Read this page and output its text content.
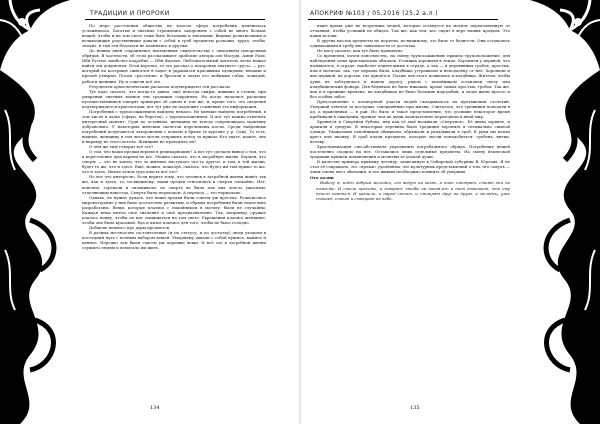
ТРАДИЦИИ И ПРОРОКИ

По мере расселения общества на классы сфера погребения изменилась усложнилась. Богатые и знатные стремились захоронить с собой не много больше вещей, чтобы и на том свете тоже быть богатыми и знатными. Видные религиозники и великопищие родственники давали с собой в гроб предметы роскоши, труда, чтобы, значит, и там эти бедолаги не кланялись к другим.

До наших дней сохранились письменные свидетельства с описанием похоронных обрядов. В частности, об этом рассказывают арабские авторы аль-Масуди, Амин Рази, Ибн Рустен, наиболее подробно — Ибн Фадлан. Любознательный читатель легко может найти эти документы. Если коротко, то это рассказ о похоронах знатного «руса» — рус, который на кострище сжигался в ладье и украшался красивыми одеждами, вещами и прочей утварью. Потом «рассеяли» и бросали в ладью его любимых собак, лошадей, рабов и женщин. Ну и сожгли всё это.

Результаты археологических раскопок подтверждают эти рассказы.

Тут надо сказать, что когда-то давно, ещё некогда скифы, жившие в степях, при умирании знатных воинов эти традиции сохраняли. Но когда начались раскопки путешественников говорят примерно об одном и том же, и, кроме того, это сведения подтверждаются археологами, вот тут уже не подлежит сомнению эта информация.

Погребений с трупосожжением найдено немало. Не меньше найдено погребений, в том числе в ладье (сфера, на берегах), с трупоположением. И вот тут можно отметить интересный момент. Судя по останкам, женщина не всегда сопровождала мужчину добровольно. У некоторых женских скелетов переломаны кости. Среди найденных погребений встречаются захоронения с копьём в брюхе (в кургане у р. Сож). То есть, видимо, женщину в том числе могли отправить вслед за мужем. Кто знает, может, она и вправду не этого хотела. Женщина не проводила ли?

О чём же ещё говорит всё это?

О том, что наши предки верили в реинкарнацию? А вот тут сделаем вывод о том, что в переселение душ верили не все. Можно сказать, что в загробную жизнь. Верили, что смерть — это не конец, что за жизнью наступает что-то другое, и там, в той жизни, будет то же, что и здесь. Ещё, можно, пожалуй, сказать, что будет им там нужно то же, что и здесь. Иначе зачем туда класть всё это?

Но вот что интересно. Если верить тому, что человек в загробной жизни живёт так же, как и здесь, то, по-видимому, наши предки относились к смерти спокойно. Нет, конечно, горевали и оплакивали, но смерть не была для них чем-то ужасным, отделяющим навсегда. Смерть была переходом. А переход — это нормально.

Однако, не нужно думать, что наши предки были совсем уж простые. Религиозное мировоззрение у них было достаточно развитым, и обряды погребения были тщательно разработаны. Вещи, которые клались с покойником в могилу, были не случайны. Каждая вещь имела своё значение и своё предназначение. Так, например, оружие клалось воину, чтобы он мог защищаться на том свете. Украшения клались женщине, чтобы она была красивой. Еда и питьё клались для того, чтобы не было голодно.

Добавлю немного про дары предметов.

В разных местностях состоятельные (и по статусу, и по достатку) люди уходили в последний путь с полным набором вещей. Умершему давали с собой нужное, важное и ценное. Нередко там были совсем уж хорошие вещи. И всё это в загробной жизни служило людям и помогало им жить.

134
АПОКРИФ №103 / 05.2016 (25,2 а.л.)

наше время уже не встретишь людей, которые останутся на могиле переполненную от отчаяния, чтобы усопший не обидел. Так же, как тем, кто сидит в вере наших предков. Это наши истоки.

В других местах предметы не портили, по-видимому, это было от бедности. Они оставались одинаковыми в гробу вне зависимости от достатка.

Не могу сказать, как тут было правильно.

Со временем, почти повсеместно, на смену трупосожжению пришло трупоположение, для наблюдения силы христианских обычаев. Усопших хоронили в земле. Хоронили у церквей, что называется, в ограде: наиболее влиятельных в ограде, а так — в деревянных гробах, простых, или в могилах, так, где церковь была, кладбища устраивали и неподалёку от неё. Хоронили и вне церквей, на дорогах, где придётся. Позже для этого появились и кладбища. Жители, чтобы душа не заблудилась и нашла дорогу, рядом с покойником оставляли свечу или кладбищенский фонарь. Для бедняков не было никаких, кроме самых простых, гробов. Так же, как и в прежние времена, на кладбищах не было больших надгробий, и люди жили просто и без особых забот.

Представление о посмертной участи людей складывалось на протяжении столетий. Умерший отвечал за поступки, совершённые при жизни. Считалось, что грешники попадали в ад, а праведники — в рай. Но было и такое представление, что усопшие некоторое время пребывали в ожидании, прежде чем их души окончательно переходили в иной мир.

Хранится и Смертная Рубаха, или как её ещё называли «Смертное». Её шили заранее, и хранили в сундуке. В некоторых деревнях была традиция хоронить в специально сшитой одежде. Уважаемых покойников обмывали, обряжали и укладывали в гроб. В руки им клали крест или иконку. В гроб клали предметы, которые могли понадобиться: гребень, нитки, иголку.

Христианизация способствовала упрощению погребального обряда. Погребение вещей постепенно сходило на нет. Оставались лишь отдельные предметы. На смену языческой традиции пришли поминовения и молитвы за упокой души.

В качестве примера привожу легенду, записанную в Сибирской губернии В. Юрлова. Я не стал её сокращать, это «ярлык» удалённых, что культурных представлений о том, что смерть — лишь смена мест обитания, и что живым необходимо помнить об умерших.

Отъ казни

Выбегу я, идёт добрый молодец, его ведут на казнь, а тот смотрит, стоят они на помосте. И стали просить, и говорят: чтобы он покаялся, а тот отвечает, что ему нечего каяться. И казнили, а народ стоит, и смотрят друг на друга, а молодец, уже спокоен, стоит и смотрит на небо.

135
